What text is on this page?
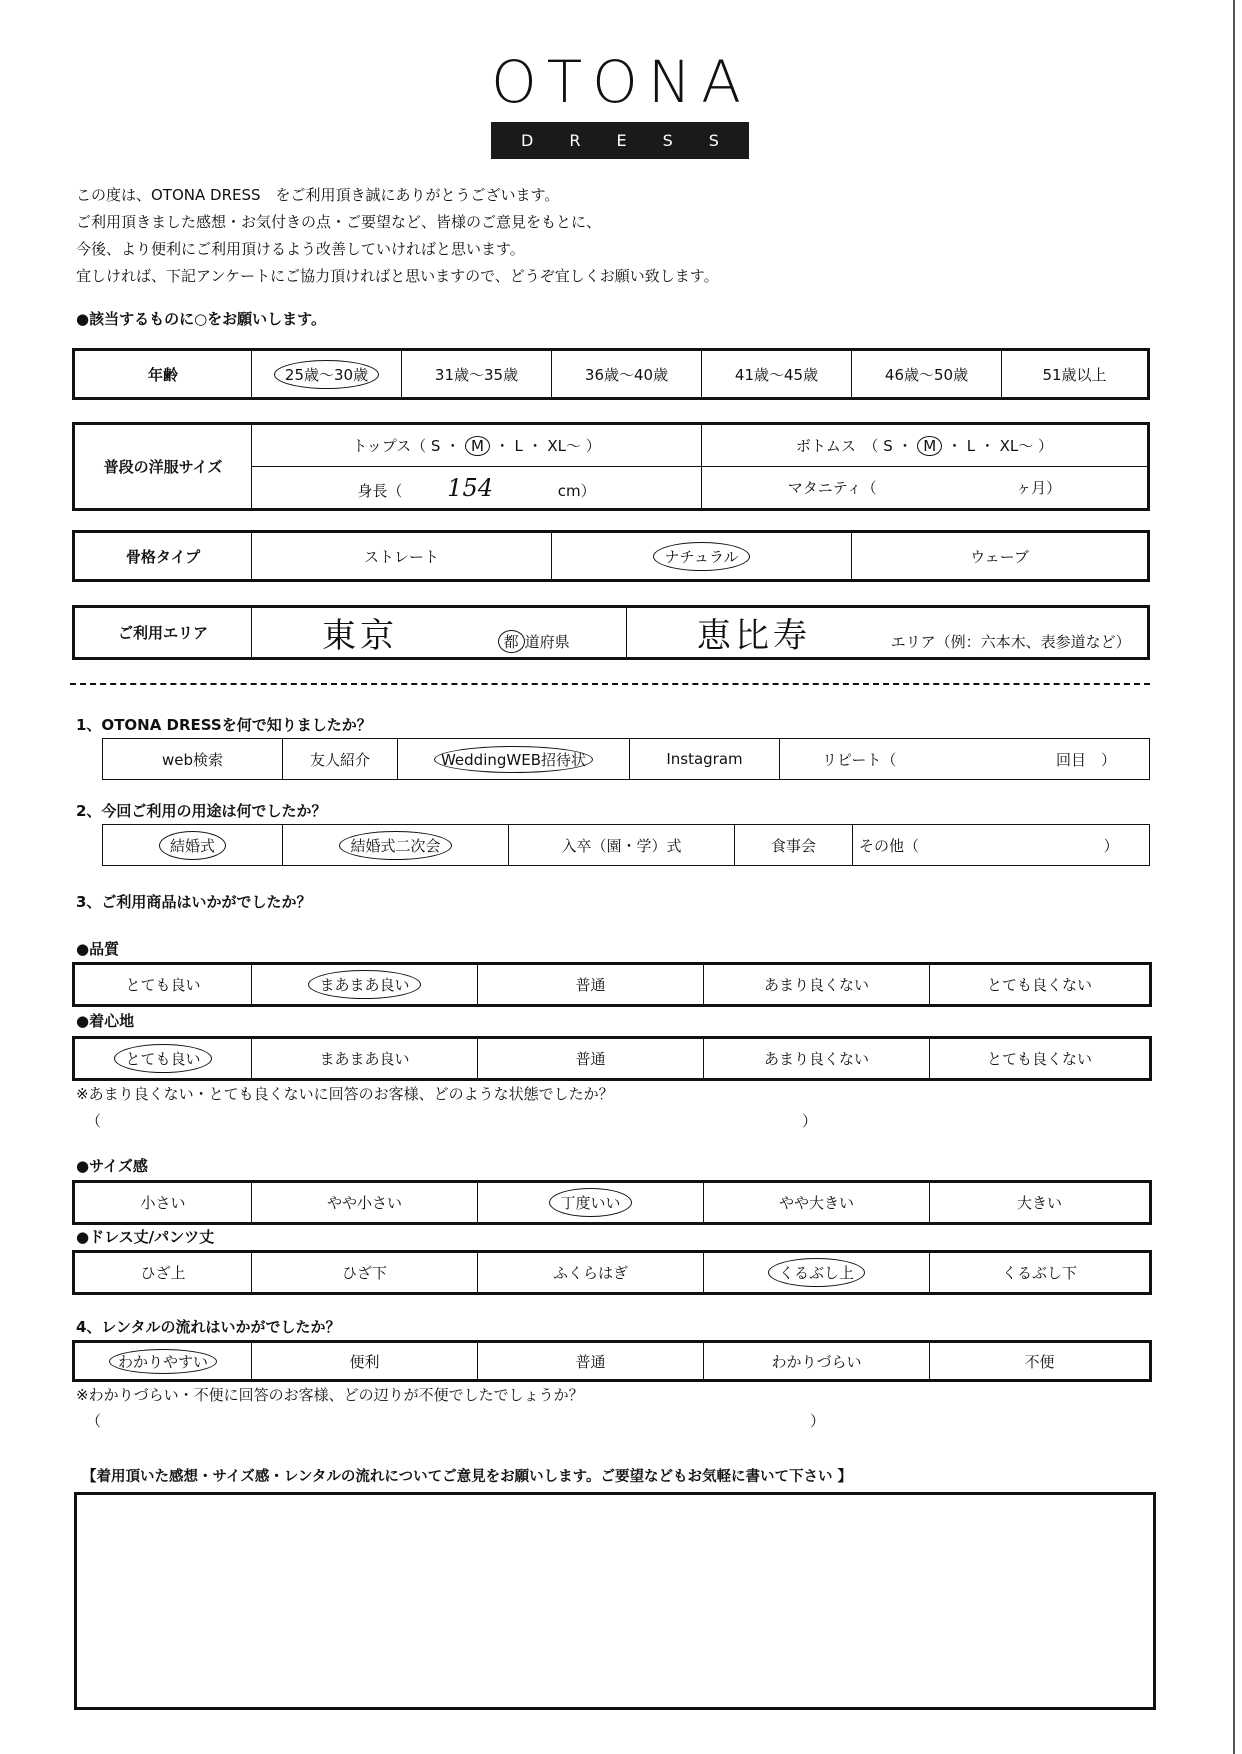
OTONA
D R E S S
この度は、OTONA DRESS　をご利用頂き誠にありがとうございます。
ご利用頂きました感想・お気付きの点・ご要望など、皆様のご意見をもとに、
今後、より便利にご利用頂けるよう改善していければと思います。
宜しければ、下記アンケートにご協力頂ければと思いますので、どうぞ宜しくお願い致します。
●該当するものに○をお願いします。
年齢	25歳～30歳	31歳～35歳	36歳～40歳	41歳～45歳	46歳～50歳	51歳以上
普段の洋服サイズ	トップス（ S ・ M ・ L ・ XL～ ）	ボトムス　（ S ・ M ・ L ・ XL～ ）
	身長（ 154 cm）	マタニティ（ ヶ月）
骨格タイプ	ストレート	ナチュラル	ウェーブ
ご利用エリア	東京	都 道府県	恵比寿	エリア（例：六本木、表参道など）
1、OTONA DRESSを何で知りましたか？
web検索	友人紹介	WeddingWEB招待状	Instagram	リピート（	回目　）
2、今回ご利用の用途は何でしたか？
結婚式	結婚式二次会	入卒（園・学）式	食事会	その他（	）
3、ご利用商品はいかがでしたか？
●品質
とても良い	まあまあ良い	普通	あまり良くない	とても良くない
●着心地
とても良い	まあまあ良い	普通	あまり良くない	とても良くない
※あまり良くない・とても良くないに回答のお客様、どのような状態でしたか？
（	）
●サイズ感
小さい	やや小さい	丁度いい	やや大きい	大きい
●ドレス丈/パンツ丈
ひざ上	ひざ下	ふくらはぎ	くるぶし上	くるぶし下
4、レンタルの流れはいかがでしたか？
わかりやすい	便利	普通	わかりづらい	不便
※わかりづらい・不便に回答のお客様、どの辺りが不便でしたでしょうか？
（	）
【着用頂いた感想・サイズ感・レンタルの流れについてご意見をお願いします。ご要望などもお気軽に書いて下さい 】
